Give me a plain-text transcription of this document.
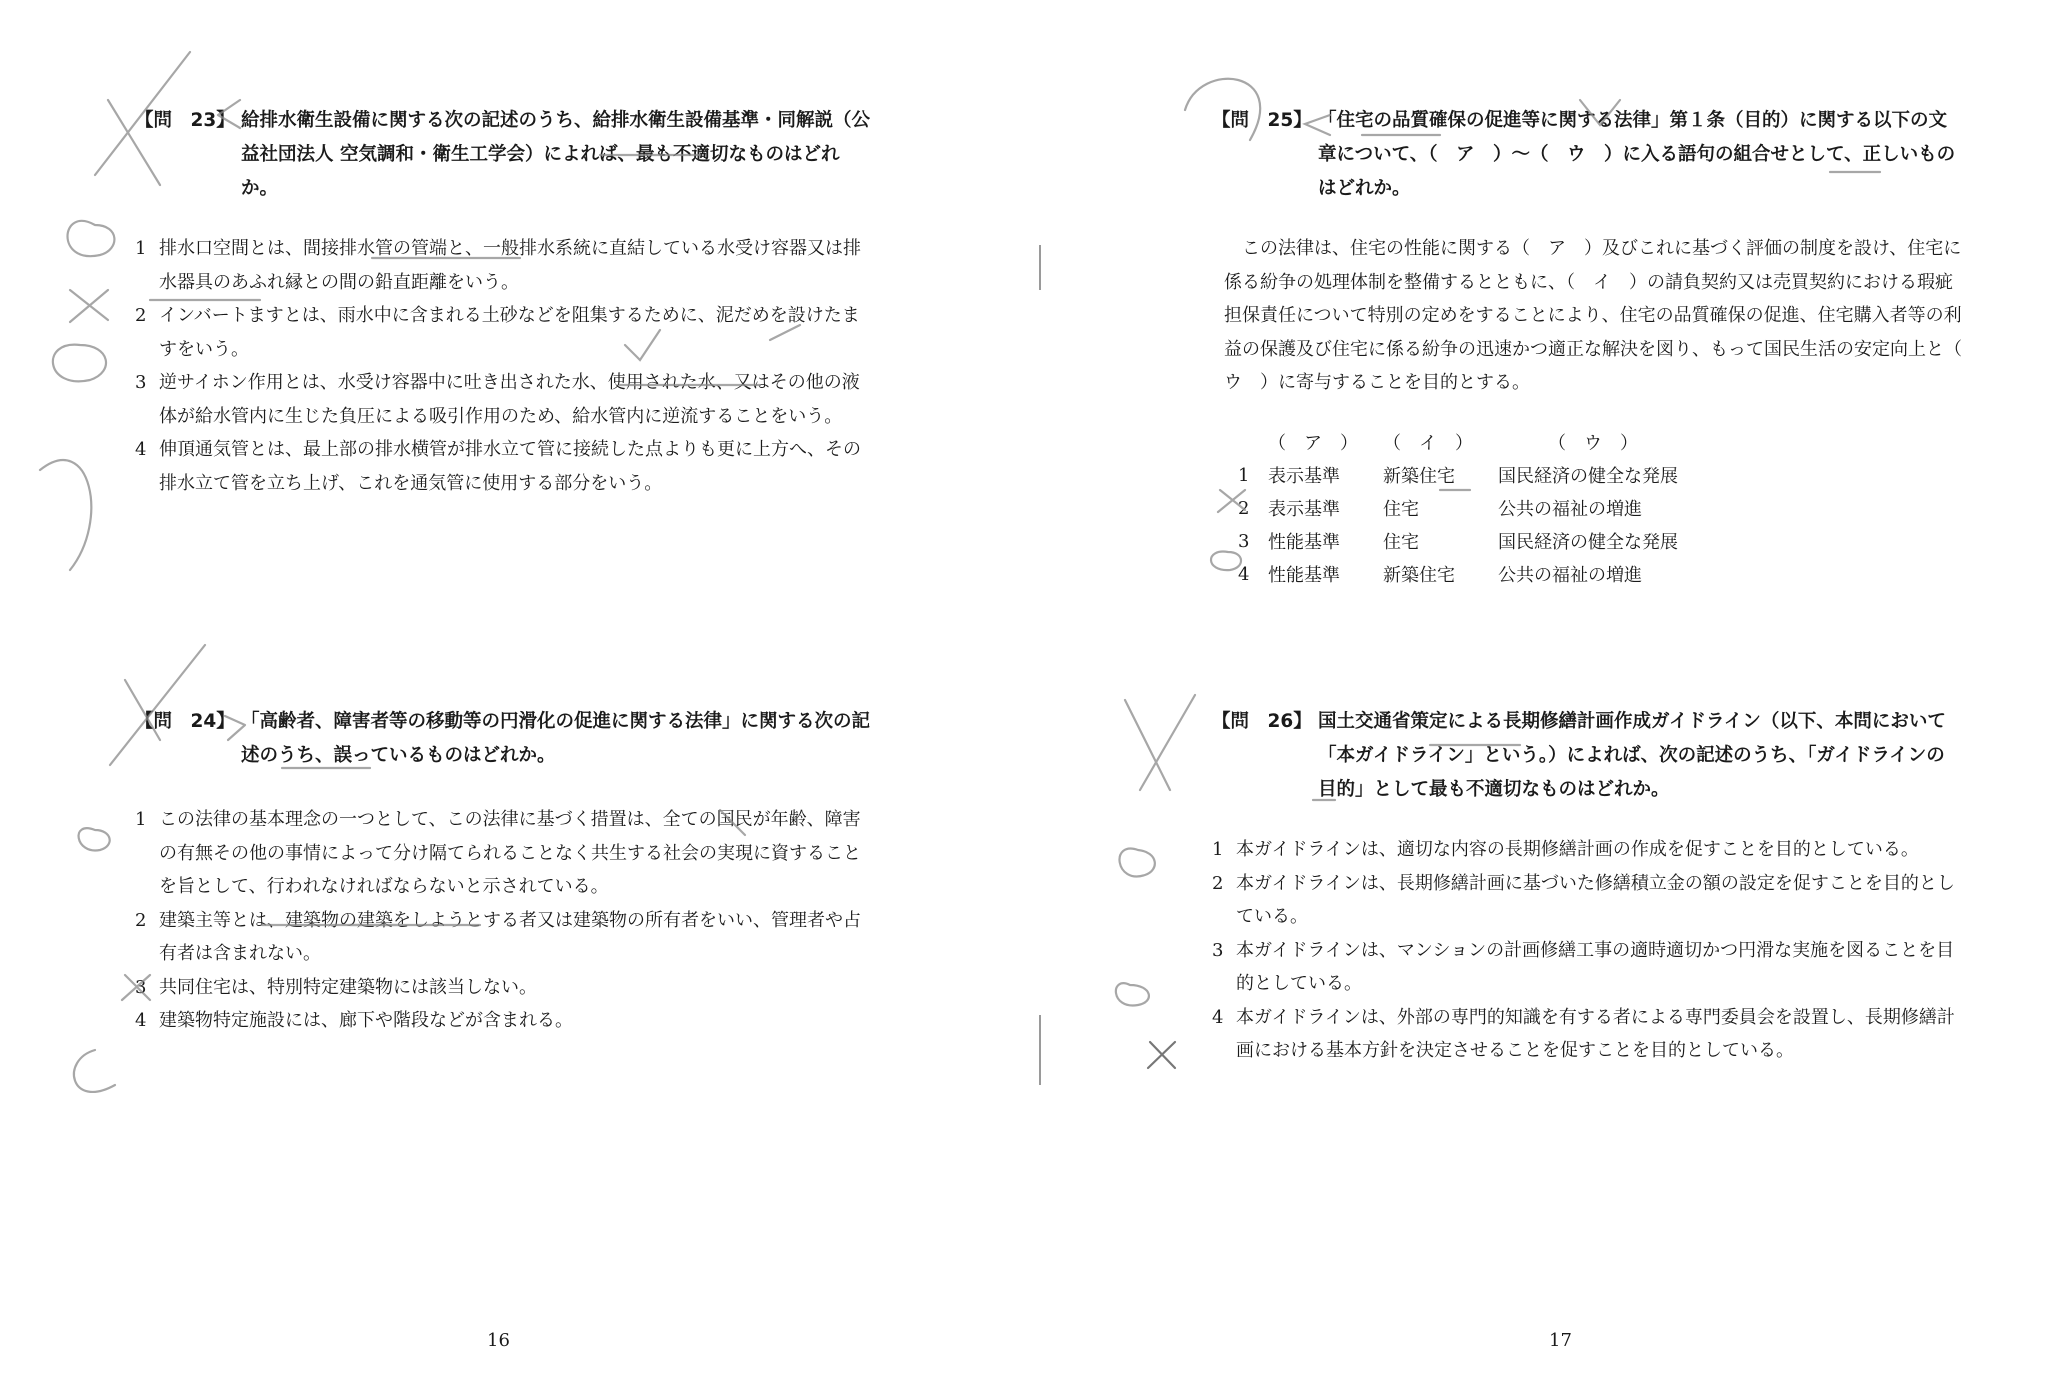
【問　23】 給排水衛生設備に関する次の記述のうち、給排水衛生設備基準・同解説（公益社団法人 空気調和・衛生工学会）によれば、最も不適切なものはどれか。

1 排水口空間とは、間接排水管の管端と、一般排水系統に直結している水受け容器又は排水器具のあふれ縁との間の鉛直距離をいう。

2 インバートますとは、雨水中に含まれる土砂などを阻集するために、泥だめを設けたますをいう。

3 逆サイホン作用とは、水受け容器中に吐き出された水、使用された水、又はその他の液体が給水管内に生じた負圧による吸引作用のため、給水管内に逆流することをいう。

4 伸頂通気管とは、最上部の排水横管が排水立て管に接続した点よりも更に上方へ、その排水立て管を立ち上げ、これを通気管に使用する部分をいう。

【問　24】 「高齢者、障害者等の移動等の円滑化の促進に関する法律」に関する次の記述のうち、誤っているものはどれか。

1 この法律の基本理念の一つとして、この法律に基づく措置は、全ての国民が年齢、障害の有無その他の事情によって分け隔てられることなく共生する社会の実現に資することを旨として、行われなければならないと示されている。

2 建築主等とは、建築物の建築をしようとする者又は建築物の所有者をいい、管理者や占有者は含まれない。

3 共同住宅は、特別特定建築物には該当しない。

4 建築物特定施設には、廊下や階段などが含まれる。

16
【問　25】 「住宅の品質確保の促進等に関する法律」第１条（目的）に関する以下の文章について、（　ア　）～（　ウ　）に入る語句の組合せとして、正しいものはどれか。

この法律は、住宅の性能に関する（　ア　）及びこれに基づく評価の制度を設け、住宅に係る紛争の処理体制を整備するとともに、（　イ　）の請負契約又は売買契約における瑕疵担保責任について特別の定めをすることにより、住宅の品質確保の促進、住宅購入者等の利益の保護及び住宅に係る紛争の迅速かつ適正な解決を図り、もって国民生活の安定向上と（　ウ　）に寄与することを目的とする。

	（　ア　）	（　イ　）	（　ウ　）
1	表示基準	新築住宅	国民経済の健全な発展
2	表示基準	住宅	公共の福祉の増進
3	性能基準	住宅	国民経済の健全な発展
4	性能基準	新築住宅	公共の福祉の増進
【問　26】 国土交通省策定による長期修繕計画作成ガイドライン（以下、本問において「本ガイドライン」という。）によれば、次の記述のうち、「ガイドラインの目的」として最も不適切なものはどれか。

1 本ガイドラインは、適切な内容の長期修繕計画の作成を促すことを目的としている。

2 本ガイドラインは、長期修繕計画に基づいた修繕積立金の額の設定を促すことを目的としている。

3 本ガイドラインは、マンションの計画修繕工事の適時適切かつ円滑な実施を図ることを目的としている。

4 本ガイドラインは、外部の専門的知識を有する者による専門委員会を設置し、長期修繕計画における基本方針を決定させることを促すことを目的としている。

17
